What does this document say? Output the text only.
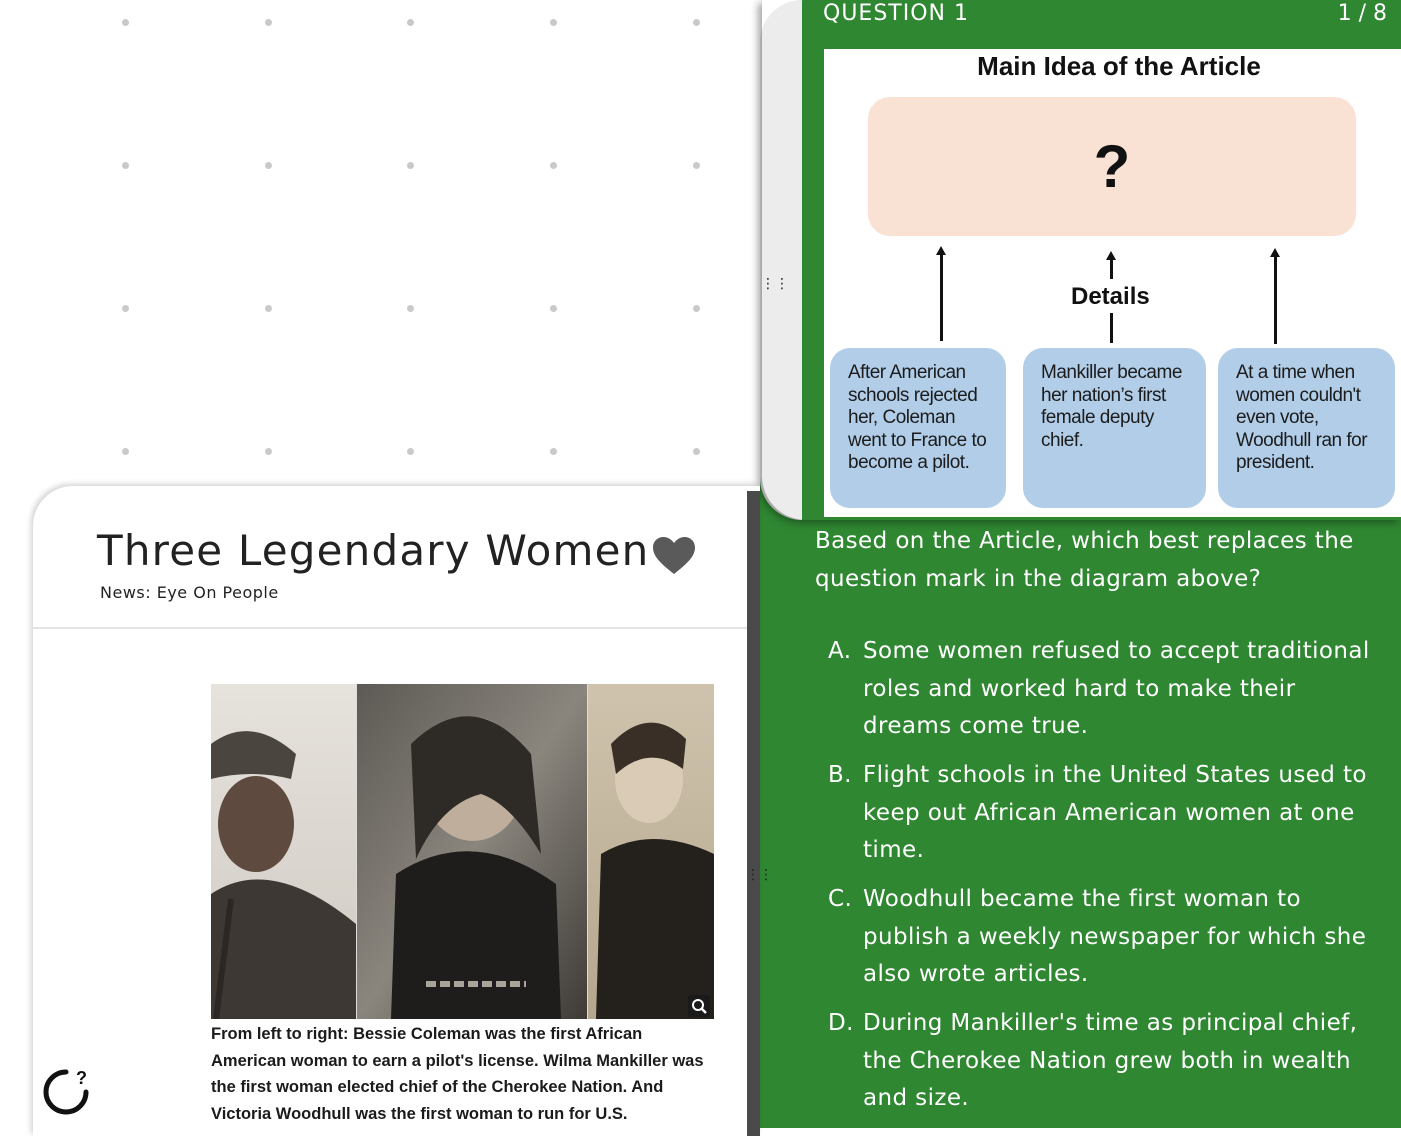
QUESTION 1	1 / 8
Main Idea of the Article
?
Details
After American schools rejected her, Coleman went to France to become a pilot.
Mankiller became her nation’s first female deputy chief.
At a time when women couldn't even vote, Woodhull ran for president.
Based on the Article, which best replaces the question mark in the diagram above?
A. Some women refused to accept traditional roles and worked hard to make their dreams come true.
B. Flight schools in the United States used to keep out African American women at one time.
C. Woodhull became the first woman to publish a weekly newspaper for which she also wrote articles.
D. During Mankiller's time as principal chief, the Cherokee Nation grew both in wealth and size.
⋮⋮
Three Legendary Women
News: Eye On People
⋮⋮
From left to right: Bessie Coleman was the first African American woman to earn a pilot's license. Wilma Mankiller was the first woman elected chief of the Cherokee Nation. And Victoria Woodhull was the first woman to run for U.S.
?
